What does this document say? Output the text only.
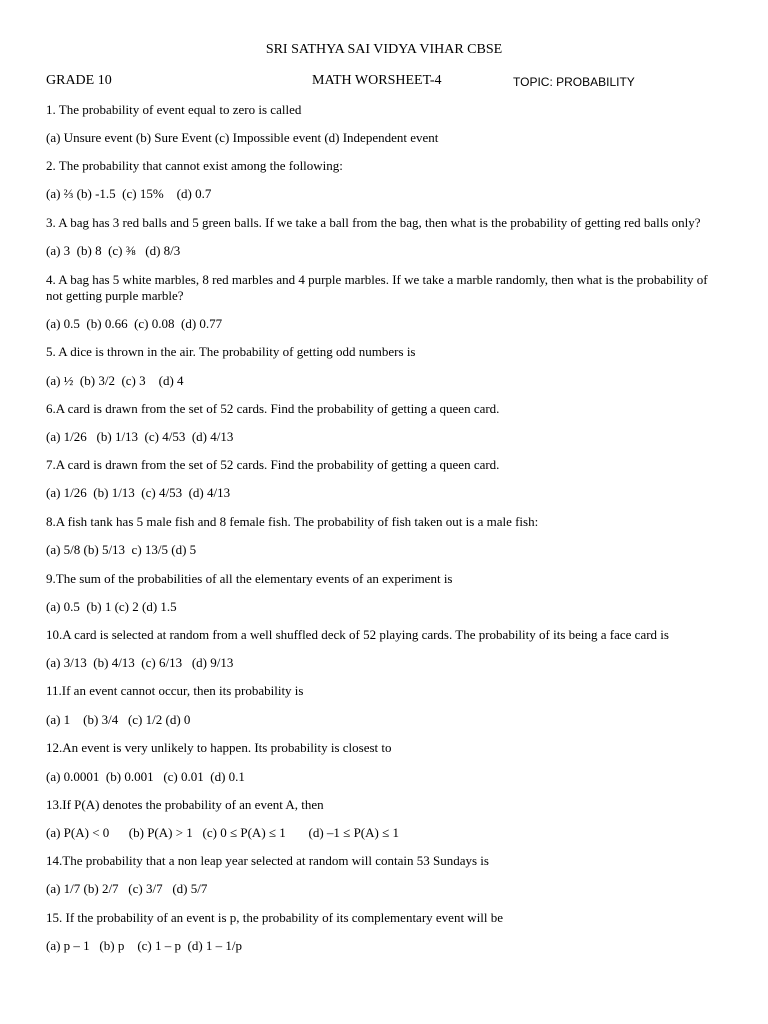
SRI SATHYA SAI VIDYA VIHAR CBSE
GRADE 10	MATH WORSHEET-4	TOPIC: PROBABILITY
1. The probability of event equal to zero is called
(a) Unsure event (b) Sure Event (c) Impossible event (d) Independent event
2. The probability that cannot exist among the following:
(a) ⅔ (b) -1.5  (c) 15%    (d) 0.7
3. A bag has 3 red balls and 5 green balls. If we take a ball from the bag, then what is the probability of getting red balls only?
(a) 3  (b) 8  (c) ⅜   (d) 8/3
4. A bag has 5 white marbles, 8 red marbles and 4 purple marbles. If we take a marble randomly, then what is the probability of not getting purple marble?
(a) 0.5  (b) 0.66  (c) 0.08  (d) 0.77
5. A dice is thrown in the air. The probability of getting odd numbers is
(a) ½  (b) 3/2  (c) 3    (d) 4
6.A card is drawn from the set of 52 cards. Find the probability of getting a queen card.
(a) 1/26   (b) 1/13  (c) 4/53  (d) 4/13
7.A card is drawn from the set of 52 cards. Find the probability of getting a queen card.
(a) 1/26  (b) 1/13  (c) 4/53  (d) 4/13
8.A fish tank has 5 male fish and 8 female fish. The probability of fish taken out is a male fish:
(a) 5/8 (b) 5/13  c) 13/5 (d) 5
9.The sum of the probabilities of all the elementary events of an experiment is
(a) 0.5  (b) 1 (c) 2 (d) 1.5
10.A card is selected at random from a well shuffled deck of 52 playing cards. The probability of its being a face card is
(a) 3/13  (b) 4/13  (c) 6/13   (d) 9/13
11.If an event cannot occur, then its probability is
(a) 1    (b) 3/4   (c) 1/2 (d) 0
12.An event is very unlikely to happen. Its probability is closest to
(a) 0.0001  (b) 0.001   (c) 0.01  (d) 0.1
13.If P(A) denotes the probability of an event A, then
(a) P(A) < 0      (b) P(A) > 1   (c) 0 ≤ P(A) ≤ 1       (d) –1 ≤ P(A) ≤ 1
14.The probability that a non leap year selected at random will contain 53 Sundays is
(a) 1/7 (b) 2/7   (c) 3/7   (d) 5/7
15. If the probability of an event is p, the probability of its complementary event will be
(a) p – 1   (b) p    (c) 1 – p  (d) 1 – 1/p
